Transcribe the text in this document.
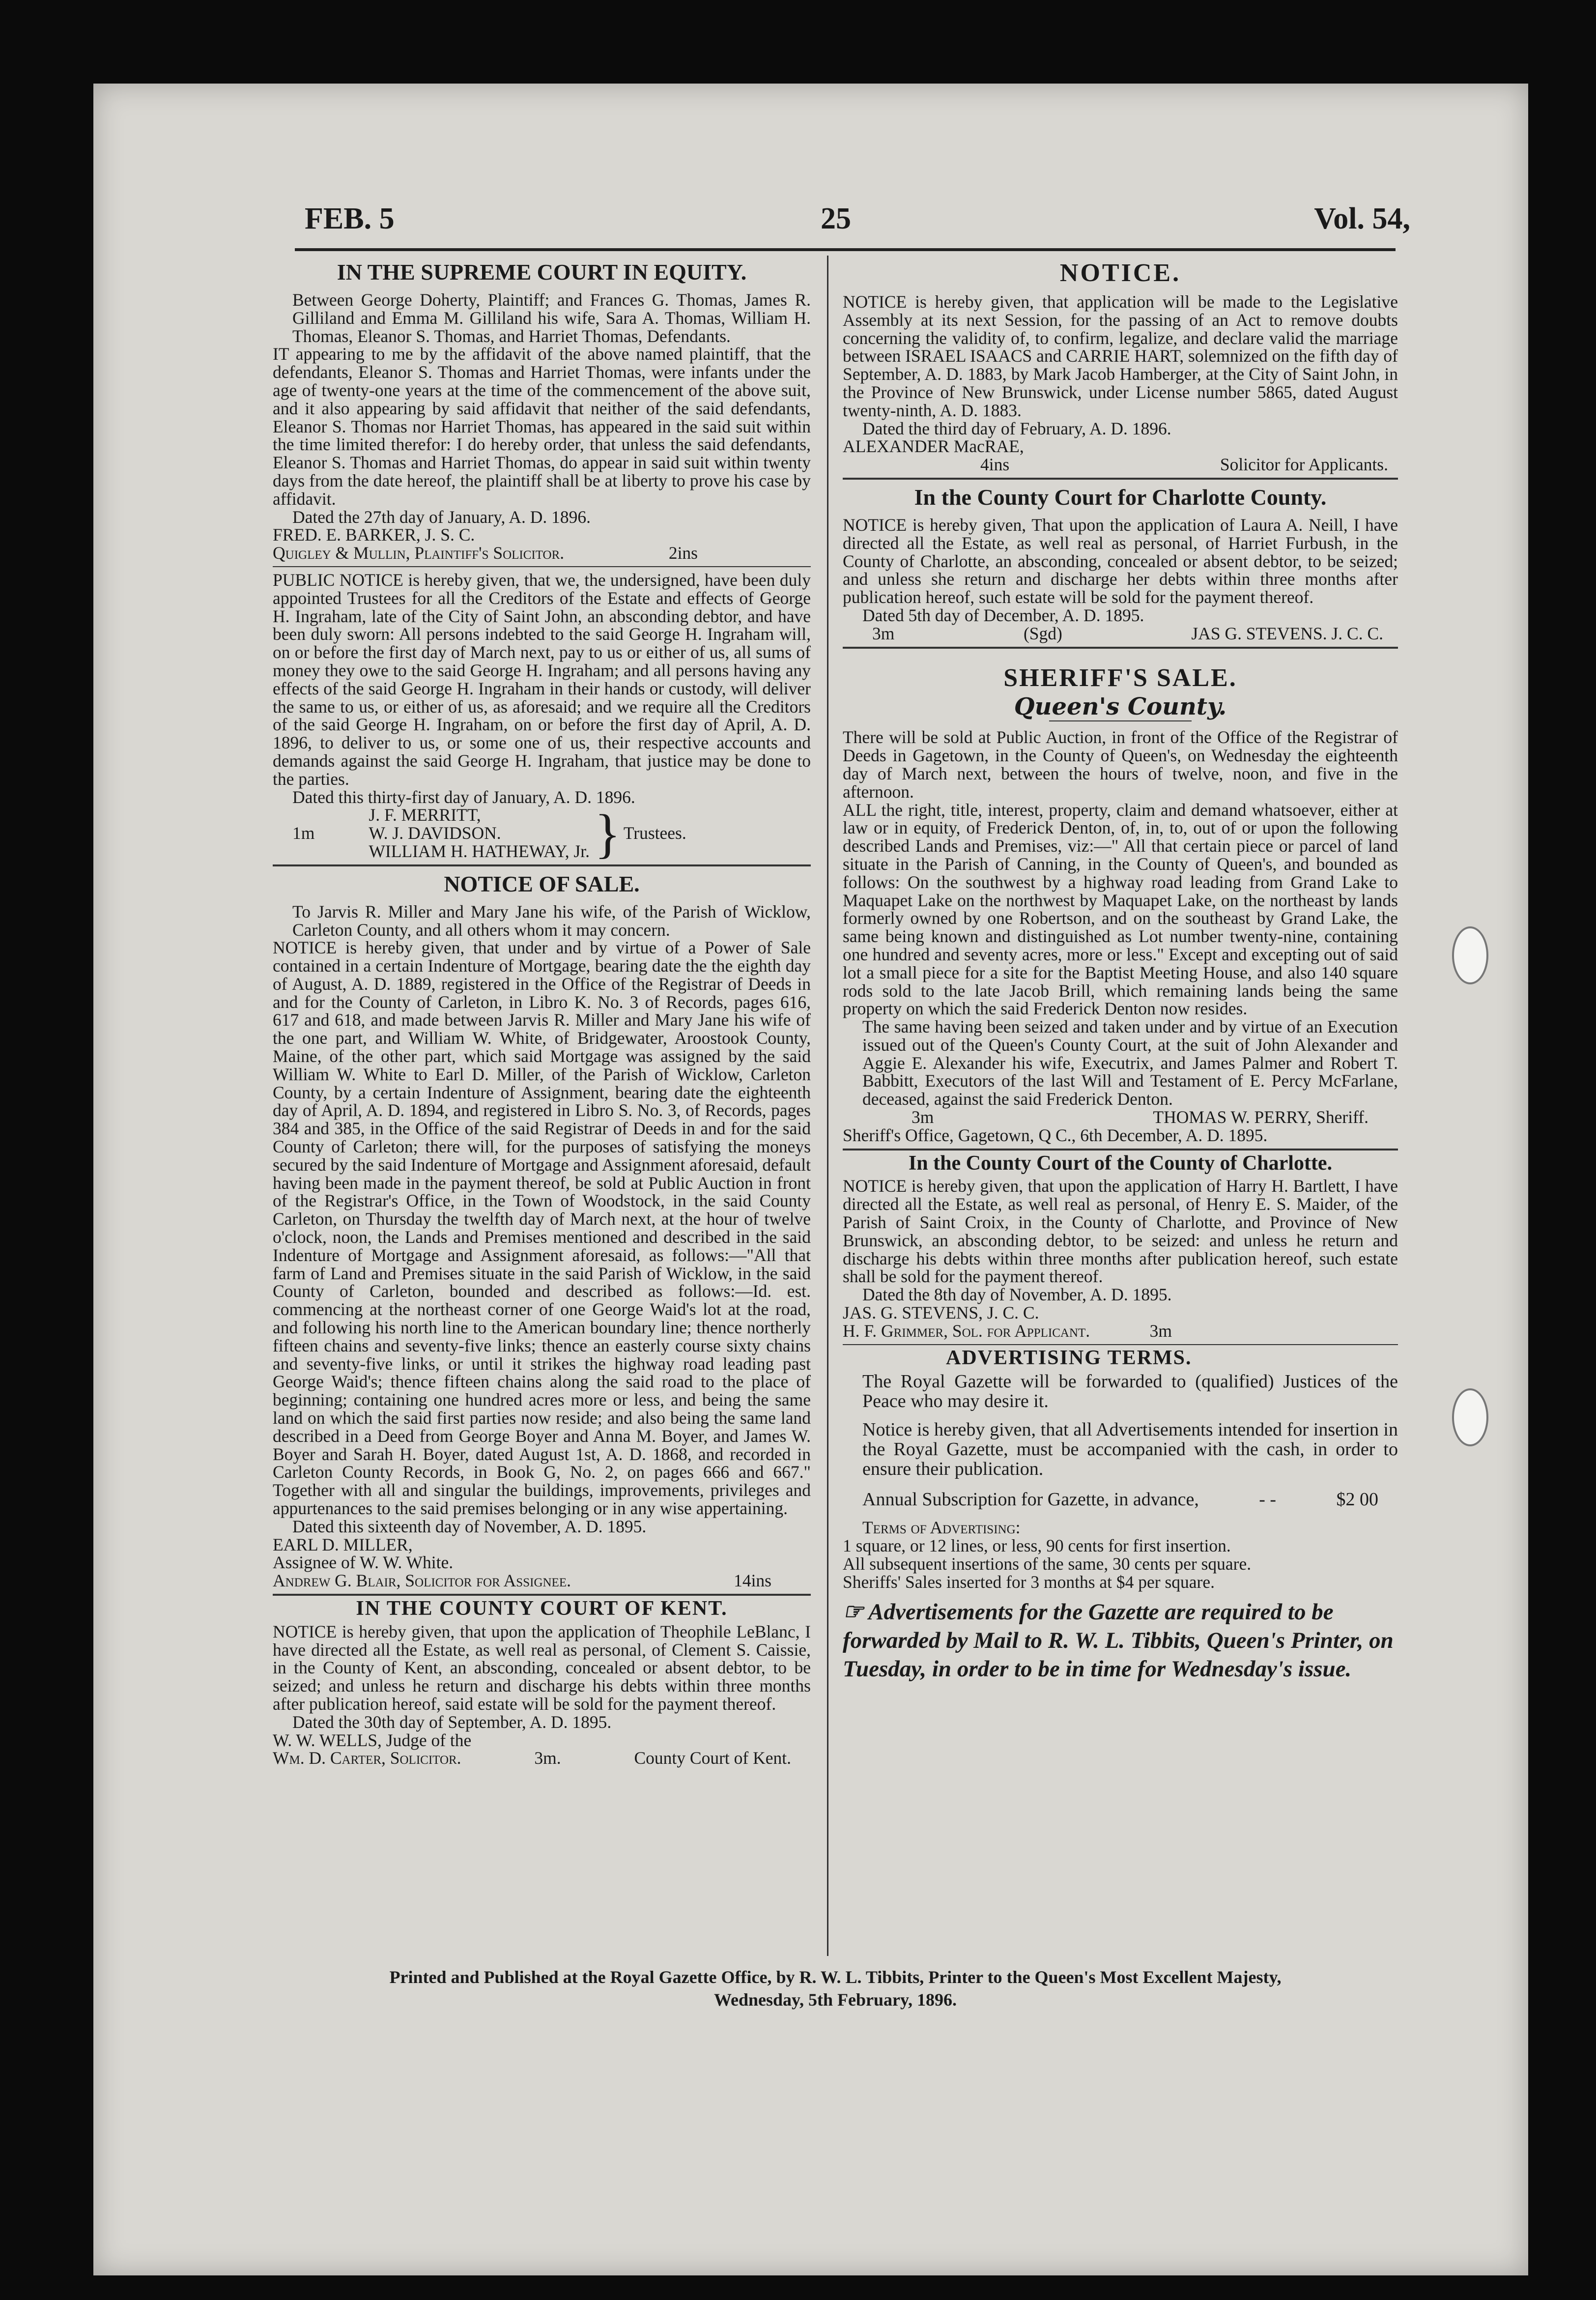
FEB. 5	25	Vol. 54,
IN THE SUPREME COURT IN EQUITY.

Between George Doherty, Plaintiff; and Frances G. Thomas, James R. Gilliland and Emma M. Gilliland his wife, Sara A. Thomas, William H. Thomas, Eleanor S. Thomas, and Harriet Thomas, Defendants.

IT appearing to me by the affidavit of the above named plaintiff, that the defendants, Eleanor S. Thomas and Harriet Thomas, were infants under the age of twenty-one years at the time of the commencement of the above suit, and it also appearing by said affidavit that neither of the said defendants, Eleanor S. Thomas nor Harriet Thomas, has appeared in the said suit within the time limited therefor: I do hereby order, that unless the said defendants, Eleanor S. Thomas and Harriet Thomas, do appear in said suit within twenty days from the date hereof, the plaintiff shall be at liberty to prove his case by affidavit.

Dated the 27th day of January, A. D. 1896.

FRED. E. BARKER, J. S. C.

Quigley & Mullin, Plaintiff's Solicitor.	2ins

PUBLIC NOTICE is hereby given, that we, the undersigned, have been duly appointed Trustees for all the Creditors of the Estate and effects of George H. Ingraham, late of the City of Saint John, an absconding debtor, and have been duly sworn: All persons indebted to the said George H. Ingraham will, on or before the first day of March next, pay to us or either of us, all sums of money they owe to the said George H. Ingraham; and all persons having any effects of the said George H. Ingraham in their hands or custody, will deliver the same to us, or either of us, as aforesaid; and we require all the Creditors of the said George H. Ingraham, on or before the first day of April, A. D. 1896, to deliver to us, or some one of us, their respective accounts and demands against the said George H. Ingraham, that justice may be done to the parties.

Dated this thirty-first day of January, A. D. 1896.

1m
J. F. MERRITT,
W. J. DAVIDSON.
WILLIAM H. HATHEWAY, Jr. } Trustees.
NOTICE OF SALE.

To Jarvis R. Miller and Mary Jane his wife, of the Parish of Wicklow, Carleton County, and all others whom it may concern.

NOTICE is hereby given, that under and by virtue of a Power of Sale contained in a certain Indenture of Mortgage, bearing date the the eighth day of August, A. D. 1889, registered in the Office of the Registrar of Deeds in and for the County of Carleton, in Libro K. No. 3 of Records, pages 616, 617 and 618, and made between Jarvis R. Miller and Mary Jane his wife of the one part, and William W. White, of Bridgewater, Aroostook County, Maine, of the other part, which said Mortgage was assigned by the said William W. White to Earl D. Miller, of the Parish of Wicklow, Carleton County, by a certain Indenture of Assignment, bearing date the eighteenth day of April, A. D. 1894, and registered in Libro S. No. 3, of Records, pages 384 and 385, in the Office of the said Registrar of Deeds in and for the said County of Carleton; there will, for the purposes of satisfying the moneys secured by the said Indenture of Mortgage and Assignment aforesaid, default having been made in the payment thereof, be sold at Public Auction in front of the Registrar's Office, in the Town of Woodstock, in the said County Carleton, on Thursday the twelfth day of March next, at the hour of twelve o'clock, noon, the Lands and Premises mentioned and described in the said Indenture of Mortgage and Assignment aforesaid, as follows:—"All that farm of Land and Premises situate in the said Parish of Wicklow, in the said County of Carleton, bounded and described as follows:—Id. est. commencing at the northeast corner of one George Waid's lot at the road, and following his north line to the American boundary line; thence northerly fifteen chains and seventy-five links; thence an easterly course sixty chains and seventy-five links, or until it strikes the highway road leading past George Waid's; thence fifteen chains along the said road to the place of beginning; containing one hundred acres more or less, and being the same land on which the said first parties now reside; and also being the same land described in a Deed from George Boyer and Anna M. Boyer, and James W. Boyer and Sarah H. Boyer, dated August 1st, A. D. 1868, and recorded in Carleton County Records, in Book G, No. 2, on pages 666 and 667." Together with all and singular the buildings, improvements, privileges and appurtenances to the said premises belonging or in any wise appertaining.

Dated this sixteenth day of November, A. D. 1895.

EARL D. MILLER,

Assignee of W. W. White.

Andrew G. Blair, Solicitor for Assignee.	14ins
IN THE COUNTY COURT OF KENT.

NOTICE is hereby given, that upon the application of Theophile LeBlanc, I have directed all the Estate, as well real as personal, of Clement S. Caissie, in the County of Kent, an absconding, concealed or absent debtor, to be seized; and unless he return and discharge his debts within three months after publication hereof, said estate will be sold for the payment thereof.

Dated the 30th day of September, A. D. 1895.

W. W. WELLS, Judge of the

Wm. D. Carter, Solicitor.	3m.	County Court of Kent.
NOTICE.

NOTICE is hereby given, that application will be made to the Legislative Assembly at its next Session, for the passing of an Act to remove doubts concerning the validity of, to confirm, legalize, and declare valid the marriage between ISRAEL ISAACS and CARRIE HART, solemnized on the fifth day of September, A. D. 1883, by Mark Jacob Hamberger, at the City of Saint John, in the Province of New Brunswick, under License number 5865, dated August twenty-ninth, A. D. 1883.

Dated the third day of February, A. D. 1896.

ALEXANDER MacRAE,

4ins	Solicitor for Applicants.
In the County Court for Charlotte County.

NOTICE is hereby given, That upon the application of Laura A. Neill, I have directed all the Estate, as well real as personal, of Harriet Furbush, in the County of Charlotte, an absconding, concealed or absent debtor, to be seized; and unless she return and discharge her debts within three months after publication hereof, such estate will be sold for the payment thereof.

Dated 5th day of December, A. D. 1895.

3m	(Sgd)	JAS G. STEVENS. J. C. C.
SHERIFF'S SALE.
Queen's County.

There will be sold at Public Auction, in front of the Office of the Registrar of Deeds in Gagetown, in the County of Queen's, on Wednesday the eighteenth day of March next, between the hours of twelve, noon, and five in the afternoon.

ALL the right, title, interest, property, claim and demand whatsoever, either at law or in equity, of Frederick Denton, of, in, to, out of or upon the following described Lands and Premises, viz:—" All that certain piece or parcel of land situate in the Parish of Canning, in the County of Queen's, and bounded as follows: On the southwest by a highway road leading from Grand Lake to Maquapet Lake on the northwest by Maquapet Lake, on the northeast by lands formerly owned by one Robertson, and on the southeast by Grand Lake, the same being known and distinguished as Lot number twenty-nine, containing one hundred and seventy acres, more or less." Except and excepting out of said lot a small piece for a site for the Baptist Meeting House, and also 140 square rods sold to the late Jacob Brill, which remaining lands being the same property on which the said Frederick Denton now resides.

The same having been seized and taken under and by virtue of an Execution issued out of the Queen's County Court, at the suit of John Alexander and Aggie E. Alexander his wife, Executrix, and James Palmer and Robert T. Babbitt, Executors of the last Will and Testament of E. Percy McFarlane, deceased, against the said Frederick Denton.

3m	THOMAS W. PERRY, Sheriff.

Sheriff's Office, Gagetown, Q C., 6th December, A. D. 1895.

In the County Court of the County of Charlotte.

NOTICE is hereby given, that upon the application of Harry H. Bartlett, I have directed all the Estate, as well real as personal, of Henry E. S. Maider, of the Parish of Saint Croix, in the County of Charlotte, and Province of New Brunswick, an absconding debtor, to be seized: and unless he return and discharge his debts within three months after publication hereof, such estate shall be sold for the payment thereof.

Dated the 8th day of November, A. D. 1895.

JAS. G. STEVENS, J. C. C.

H. F. Grimmer, Sol. for Applicant.	3m
ADVERTISING TERMS.

The Royal Gazette will be forwarded to (qualified) Justices of the Peace who may desire it.

Notice is hereby given, that all Advertisements intended for insertion in the Royal Gazette, must be accompanied with the cash, in order to ensure their publication.

Annual Subscription for Gazette, in advance,	- -	$2 00

Terms of Advertising:

1 square, or 12 lines, or less, 90 cents for first insertion.

All subsequent insertions of the same, 30 cents per square.

Sheriffs' Sales inserted for 3 months at $4 per square.

☞ Advertisements for the Gazette are required to be forwarded by Mail to R. W. L. Tibbits, Queen's Printer, on Tuesday, in order to be in time for Wednesday's issue.

Printed and Published at the Royal Gazette Office, by R. W. L. Tibbits, Printer to the Queen's Most Excellent Majesty,
Wednesday, 5th February, 1896.
